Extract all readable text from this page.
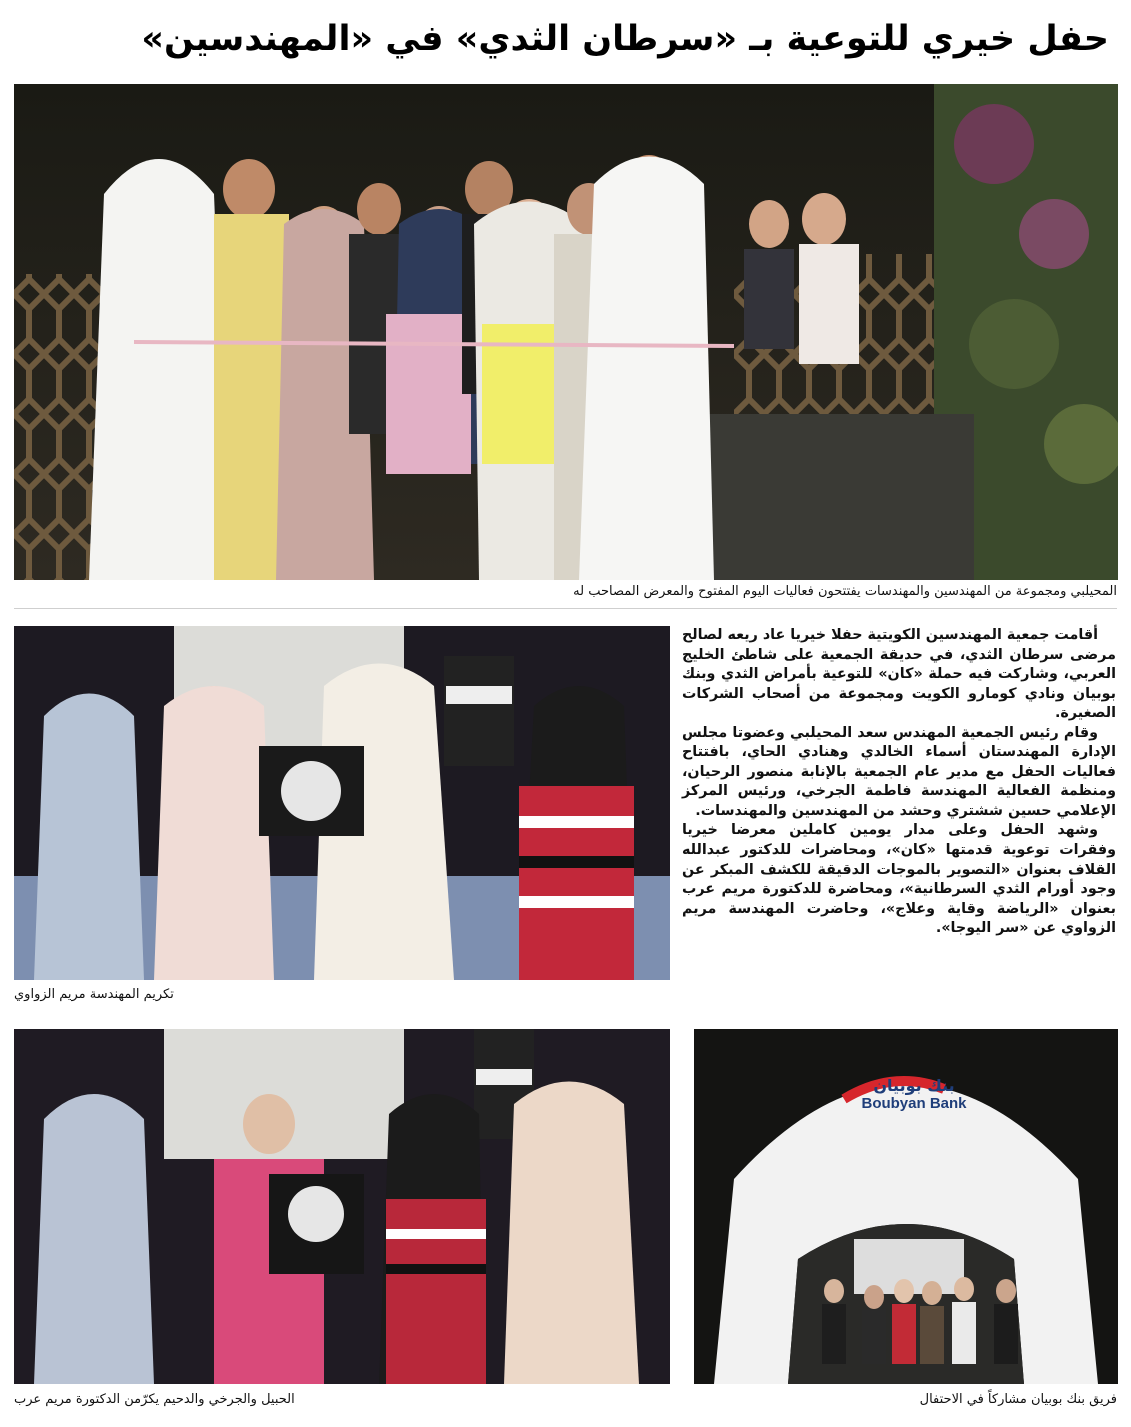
حفل خيري للتوعية بـ «سرطان الثدي» في «المهندسين»
المحيلبي ومجموعة من المهندسين والمهندسات يفتتحون فعاليات اليوم المفتوح والمعرض المصاحب له
تكريم المهندسة مريم الزواوي

أقامت جمعية المهندسين الكويتية حفلا خيريا عاد ريعه لصالح مرضى سرطان الثدي، في حديقة الجمعية على شاطئ الخليج العربي، وشاركت فيه حملة «كان» للتوعية بأمراض الثدي وبنك بوبيان ونادي كومارو الكويت ومجموعة من أصحاب الشركات الصغيرة.

وقام رئيس الجمعية المهندس سعد المحيلبي وعضوتا مجلس الإدارة المهندستان أسماء الخالدي وهنادي الحاي، بافتتاح فعاليات الحفل مع مدير عام الجمعية بالإنابة منصور الرحيان، ومنظمة الفعالية المهندسة فاطمة الجرخي، ورئيس المركز الإعلامي حسين ششتري وحشد من المهندسين والمهندسات.

وشهد الحفل وعلى مدار يومين كاملين معرضا خيريا وفقرات توعوية قدمتها «كان»، ومحاضرات للدكتور عبدالله القلاف بعنوان «التصوير بالموجات الدقيقة للكشف المبكر عن وجود أورام الثدي السرطانية»، ومحاضرة للدكتورة مريم عرب بعنوان «الرياضة وقاية وعلاج»، وحاضرت المهندسة مريم الزواوي عن «سر اليوجا».

الحبيل والجرخي والدحيم يكرّمن الدكتورة مريم عرب
بنك بوبيان
Boubyan Bank
فريق بنك بوبيان مشاركاً في الاحتفال
